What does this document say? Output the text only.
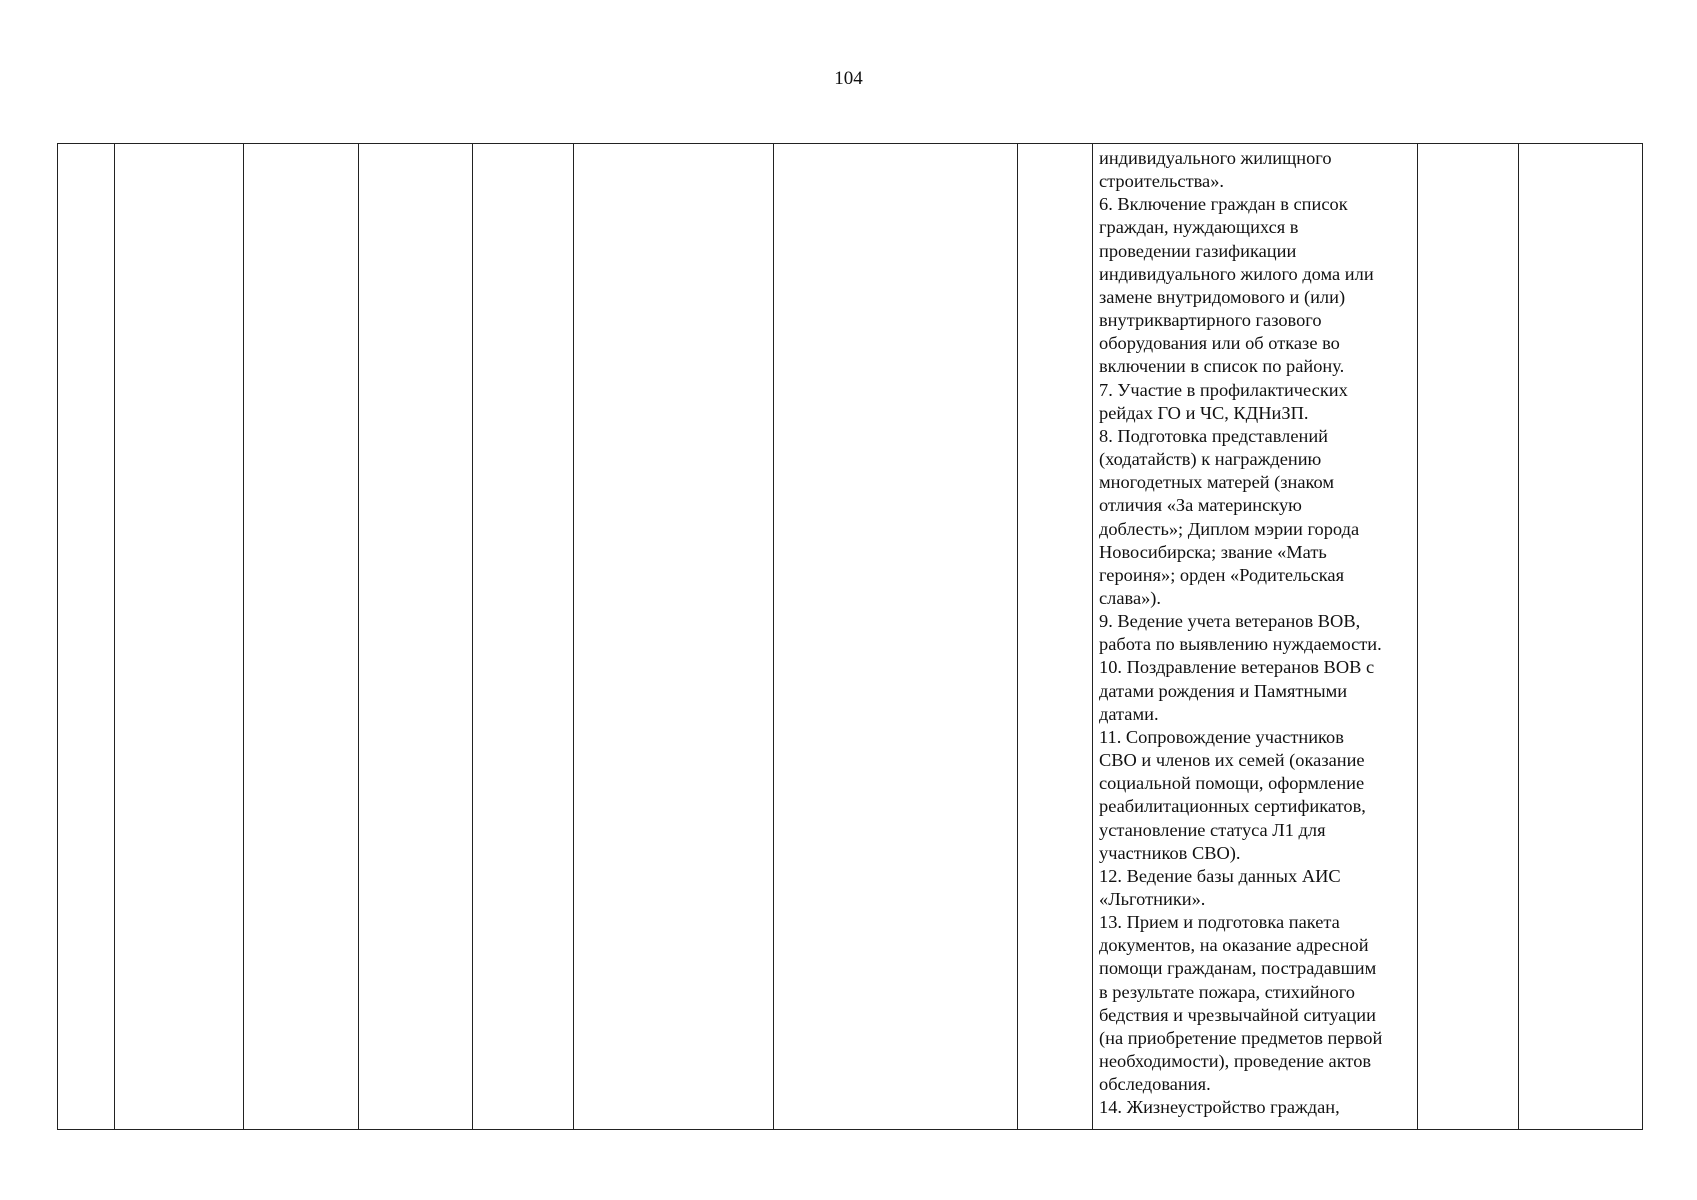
104

индивидуального жилищного
строительства».
6. Включение граждан в список
граждан, нуждающихся в
проведении газификации
индивидуального жилого дома или
замене внутридомового и (или)
внутриквартирного газового
оборудования или об отказе во
включении в список по району.
7. Участие в профилактических
рейдах ГО и ЧС, КДНиЗП.
8. Подготовка представлений
(ходатайств) к награждению
многодетных матерей (знаком
отличия «За материнскую
доблесть»; Диплом мэрии города
Новосибирска; звание «Мать
героиня»; орден «Родительская
слава»).
9. Ведение учета ветеранов ВОВ,
работа по выявлению нуждаемости.
10. Поздравление ветеранов ВОВ с
датами рождения и Памятными
датами.
11. Сопровождение участников
СВО и членов их семей (оказание
социальной помощи, оформление
реабилитационных сертификатов,
установление статуса Л1 для
участников СВО).
12. Ведение базы данных АИС
«Льготники».
13. Прием и подготовка пакета
документов, на оказание адресной
помощи гражданам, пострадавшим
в результате пожара, стихийного
бедствия и чрезвычайной ситуации
(на приобретение предметов первой
необходимости), проведение актов
обследования.
14. Жизнеустройство граждан,
